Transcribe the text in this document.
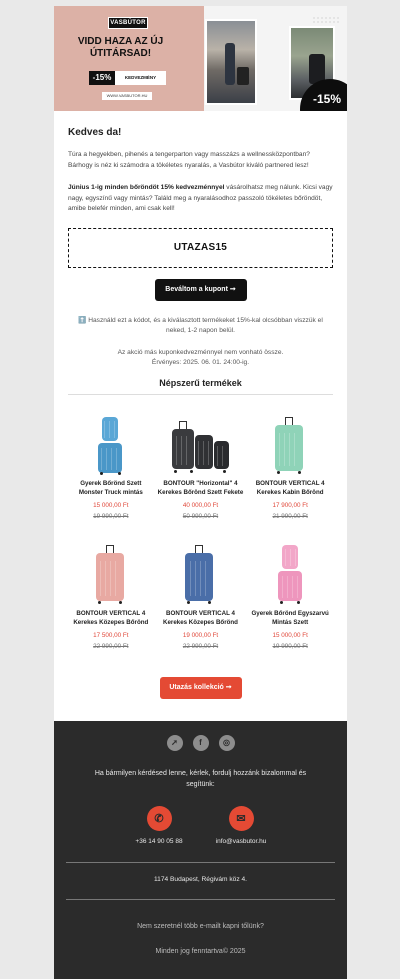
VASBÚTOR
VIDD HAZA AZ ÚJ ÚTITÁRSAD!
-15%	KEDVEZMÉNY
WWW.VASBUTOR.HU	-15%
Kedves da!

Túra a hegyekben, pihenés a tengerparton vagy masszázs a wellnessközpontban? Bárhogy is néz ki számodra a tökéletes nyaralás, a Vasbútor kiváló partnered lesz!

Június 1-ig minden bőröndöt 15% kedvezménnyel vásárolhatsz meg nálunk. Kicsi vagy nagy, egyszínű vagy mintás? Találd meg a nyaralásodhoz passzoló tökéletes bőröndöt, amibe belefér minden, ami csak kell!

UTAZAS15
Beváltom a kupont ➞

⬆️ Használd ezt a kódot, és a kiválasztott termékeket 15%-kal olcsóbban viszzük el neked, 1-2 napon belül.

Az akció más kuponkedvezménnyel nem vonható össze.
Érvényes: 2025. 06. 01. 24:00-ig.
Népszerű termékek
Gyerek Bőrönd Szett Monster Truck mintás
15 000,00 Ft
19 990,00 Ft
BONTOUR "Horizontal" 4 Kerekes Bőrönd Szett Fekete
40 000,00 Ft
50 990,00 Ft
BONTOUR VERTICAL 4 Kerekes Kabin Bőrönd
17 900,00 Ft
21 990,00 Ft
BONTOUR VERTICAL 4 Kerekes Közepes Bőrönd
17 500,00 Ft
22 990,00 Ft
BONTOUR VERTICAL 4 Kerekes Közepes Bőrönd
19 000,00 Ft
22 990,00 Ft
Gyerek Bőrönd Egyszarvú Mintás Szett
15 000,00 Ft
19 990,00 Ft
Utazás kollekció ➞
➚	f	◎
Ha bármilyen kérdésed lenne, kérlek, fordulj hozzánk bizalommal és segítünk:
✆
+36 14 90 05 88
✉
info@vasbutor.hu
1174 Budapest, Régivám köz 4.
Nem szeretnél több e-mailt kapni tőlünk?
Minden jog fenntartva© 2025
